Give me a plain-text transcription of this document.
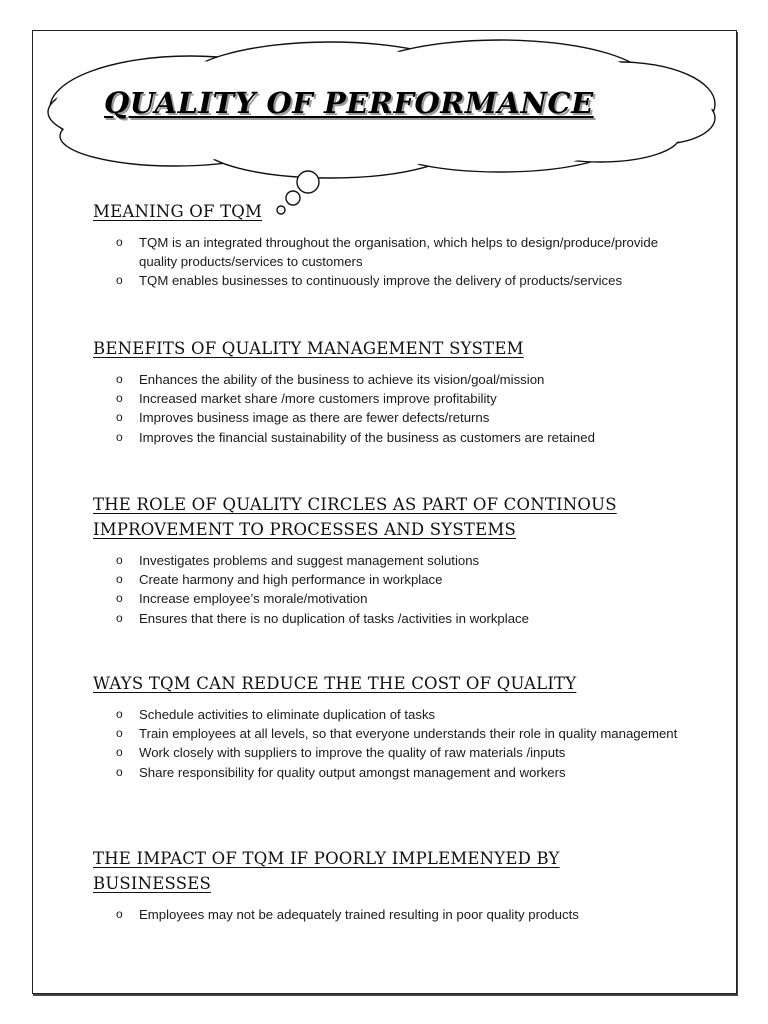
QUALITY OF PERFORMANCE
MEANING OF TQM
o TQM is an integrated throughout the organisation, which helps to design/produce/provide quality products/services to customers
o TQM enables businesses to continuously improve the delivery of products/services
BENEFITS OF QUALITY MANAGEMENT SYSTEM
o Enhances the ability of the business to achieve its vision/goal/mission
o Increased market share /more customers improve profitability
o Improves business image as there are fewer defects/returns
o Improves the financial sustainability of the business as customers are retained
THE ROLE OF QUALITY CIRCLES AS PART OF CONTINOUS IMPROVEMENT TO PROCESSES AND SYSTEMS
o Investigates problems and suggest management solutions
o Create harmony and high performance in workplace
o Increase employee’s morale/motivation
o Ensures that there is no duplication of tasks /activities in workplace
WAYS TQM CAN REDUCE THE THE COST OF QUALITY
o Schedule activities to eliminate duplication of tasks
o Train employees at all levels, so that everyone understands their role in quality management
o Work closely with suppliers to improve the quality of raw materials /inputs
o Share responsibility for quality output amongst management and workers
THE IMPACT OF TQM IF POORLY IMPLEMENYED BY BUSINESSES
o Employees may not be adequately trained resulting in poor quality products
